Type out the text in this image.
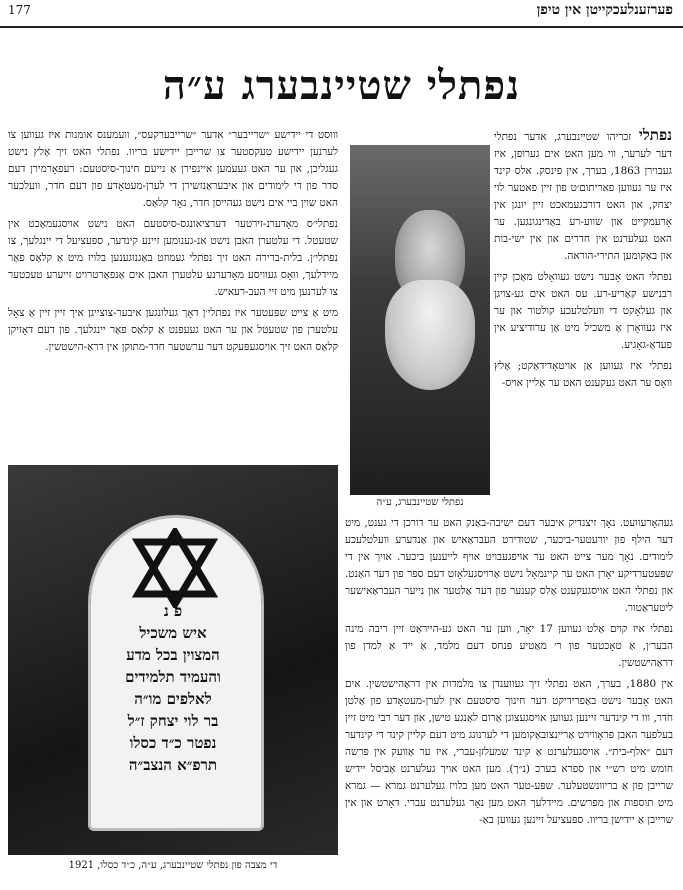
177	פערזענלעכקייטן אין טיפן
נפתלי שטיינבערג ע״ה

נפתלי זכריהו שטיינבערג, אדער נפתלי דער לערער, ווי מען האט אים גערופן, איז געבוירן 1863, בערך, אין פינסק. אלס קינד איז ער געווען פאריתום׳ט פון זיין פאטער לוי יצחק, און האט דורכגעמאכט זיין יונגן אין אָרעמקייט און שווע-רע באַדינגונגען. ער האט געלערנט אין חדרים און אין ישי-בות און באַקומען התירי-הוראה.

נפתלי האט אָבער נישט געוואָלט מאַכן קיין רבנישע קאַריע-רע. עס האט אים גע-צויגן און געלאָקט די וועלטלעכע קולטור און ער איז געוואָרן אַ משכיל מיט אַן ערודיציע אין פעדאַ-גאָגיע.

נפתלי איז געווען אַן אויטאָדידאַקט; אַלץ וואָס ער האט געקענט האט ער אַליין אויס-

נפתלי שטיינבערג, ע״ה

וווסט די יידישע ״שרייבער״ אדער ״שרייבערקעס״, וועמענס אומנות איז געווען צו לערנען יידישע טעקסטער צו שרייבן יידישע בריוו. נפתלי האט זיך אַלץ נישט געגליכן, און ער האט געעמען איינפירן אַ נייעם חינוך-סיסטעם: רעפאָרמירן דעם סדר פון די לימודים און איבעראַנזשירן די לערן-מעטאָדע פון דעם חדר, וועלכער האט שוין ביי אים נישט געהייסן חדר, נאָר קלאַס.

נפתלי׳ס מאָדערנ-זירטער דערציאונגס-סיסטעם האט נישט אויסגעמאַכט אין שטעטל. די עלטערן האבן נישט אנ-גענומען זיינע קינדער, ספּעציעל די יינגלעך, צו נפתלי׳ן. בלית-ברירה האט זיך נפתלי געמוזט באַגנוגענען בלויז מיט אַ קלאַס פאַר מיידלעך, וואָס געוויסע מאָדערנע עלטערן האבן אים אַנפאַרטרויט זייערע טעכטער צו לערנען מיט זיי העב-רעאיש.

מיט אַ צייט שפּעטער איז נפתלי׳ן דאָך געלונגען איבער-צוצייגן איך זיין זיין אַ צאָל עלטערן פון שטעטל און ער האט געעפנט אַ קלאַס פאַר יינגלעך. פון דעם דאָזיקן קלאַס האט זיך אויסגעפּעקט דער ערשטער חדר-מתוקן אין דראַ-הישטשין.

געהאָרעוועט. נאָך זיצנדיק איבער דעם ישיבה-באַנק האט ער דורכן די גענט, מיט דער הילף פון יורעטער-ביכער, שטודירט העבראַאיש און אַנדערע וועלטלעכע לימודים. נאָך מער צייט האט ער אויפגעבויט אויף לייענען ביכער. אויך אין די שפּעטערדיקע יאָרן האט ער קיינמאָל נישט אַרויסגעלאָזט דעם ספר פון דער האַנט. און נפתלי האט אויסגעקענט אַלס קענער פון דער אַלטער און נייער העבראַאישער ליטעראַטור.

נפתלי איז קוים אַלט געווען 17 יאָר, ווען ער האט גע-הייראַט זיין ריבה מינה הבער׳ן, אַ טאָכטער פון ר׳ מאַטיע פּנחס דעם מלמד, אַ ייד אַ למדן פון דראַהישטשין.

אין 1880, בערך, האט נפתלי זיך געווענדן צו מלמדות אין דראַהישטשין. אים האט אָבער נישט באַפרידיקט דער חינוך סיסטעם אין לערן-מעטאָדע פון אַלטן חדר, ווו די קינדער זיינען געווען אויסגעצוגן אַרום לאַנגע טישן, און דער רבי מיט זיין בעלפער האבן פּראָווירט אַריינצובאַקומען די לערנונג מיט דעם קליין קינד די קינדער דעם ״אלף-בית״. אויסגעלערנט אַ קינד שמעלזן-עברי, איז ער אַוועק אין פּרשה חומש מיט רש״י און ספרא בערכ (נ״ך). מען האט אויך געלערנט אַביסל יידיש שרייבן פון אַ בריוונשטעלער. שפּע-טער האט מען בלויז געלערנט גמרא — גמרא מיט תוספות און מפרשים. מיידלעך האט מען נאָר געלערנט עברי. דאָרט און אין שרייבן אַ יידישן בריוו. ספּעציעל זיינען געווען באַ-

פ נ
איש משכיל
המצוין בכל מדע
והעמיד תלמידים
לאלפים מו״ה
בר לוי יצחק ז״ל
נפטר כ״ד כסלו
תרפ״א הנצב״ה
די מצבה פון נפתלי שטיינבערג, ע״ה, כ״ד כסלו, 1921
